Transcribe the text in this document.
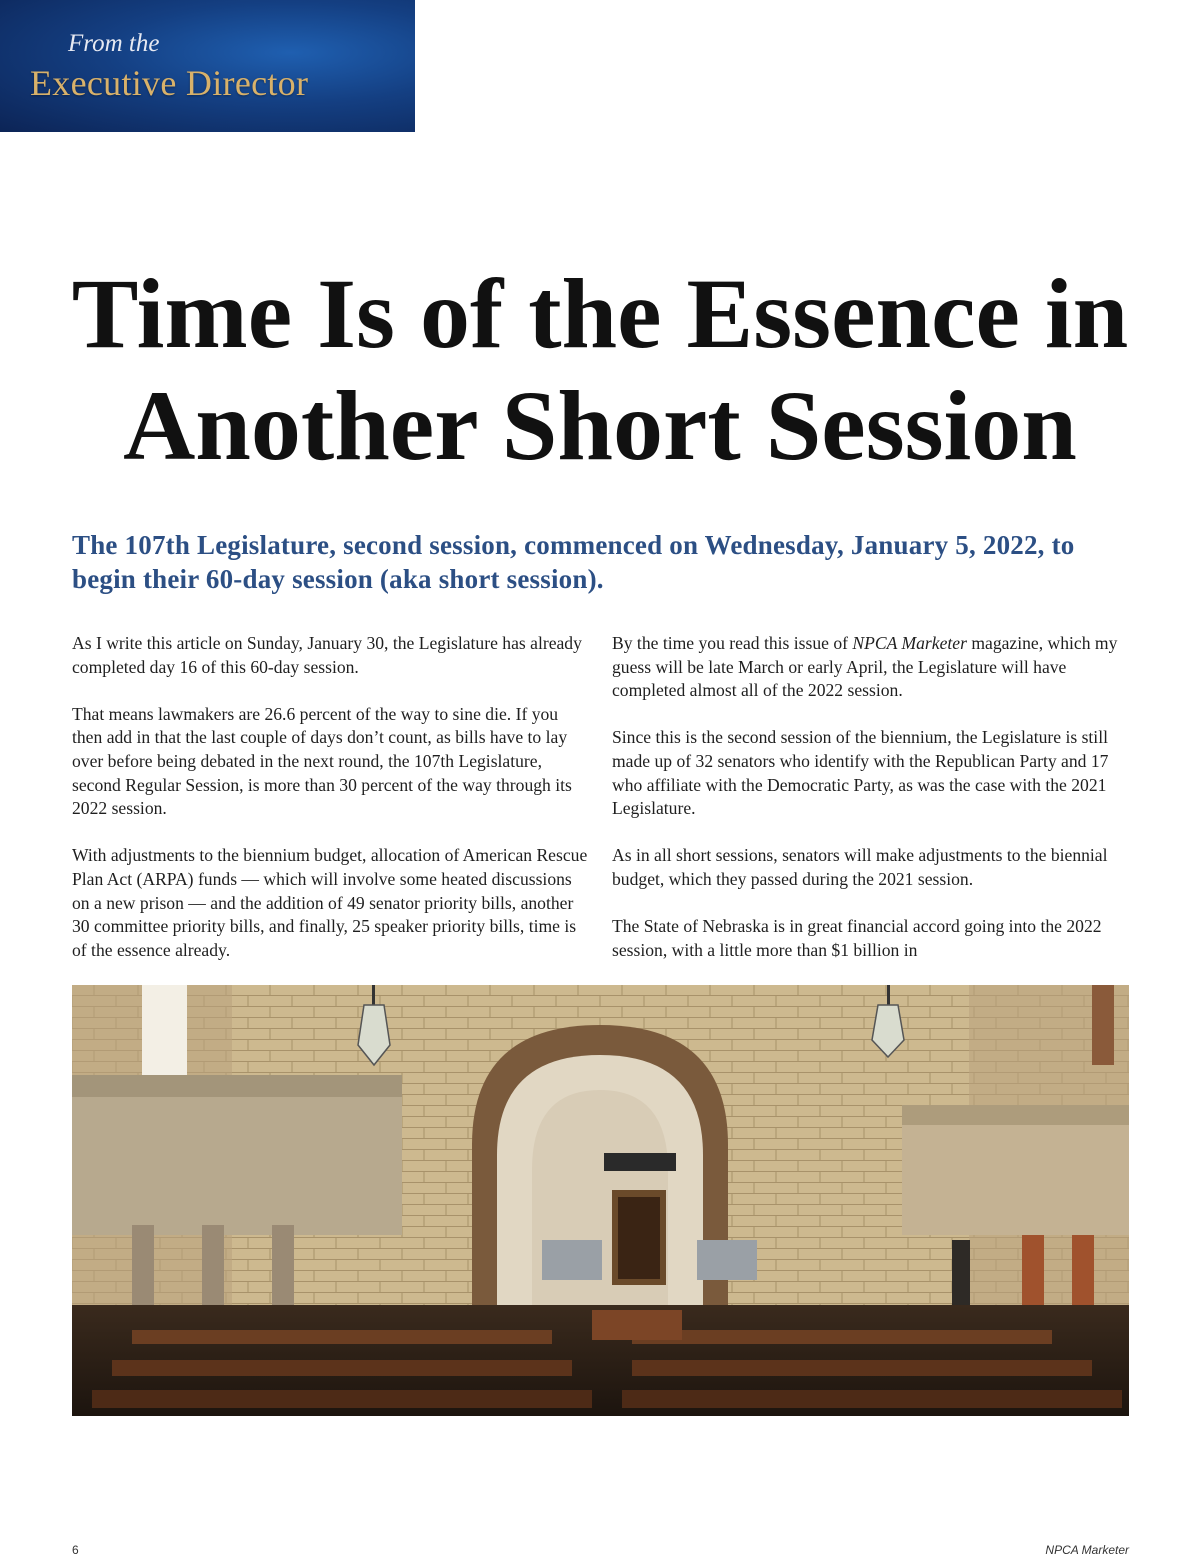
From the
Executive Director
Time Is of the Essence in Another Short Session
The 107th Legislature, second session, commenced on Wednesday, January 5, 2022, to begin their 60-day session (aka short session).

As I write this article on Sunday, January 30, the Legislature has already completed day 16 of this 60-day session.

That means lawmakers are 26.6 percent of the way to sine die. If you then add in that the last couple of days don’t count, as bills have to lay over before being debated in the next round, the 107th Legislature, second Regular Session, is more than 30 percent of the way through its 2022 session.

With adjustments to the biennium budget, allocation of American Rescue Plan Act (ARPA) funds — which will involve some heated discussions on a new prison — and the addition of 49 senator priority bills, another 30 committee priority bills, and finally, 25 speaker priority bills, time is of the essence already.

By the time you read this issue of NPCA Marketer magazine, which my guess will be late March or early April, the Legislature will have completed almost all of the 2022 session.

Since this is the second session of the biennium, the Legislature is still made up of 32 senators who identify with the Republican Party and 17 who affiliate with the Democratic Party, as was the case with the 2021 Legislature.

As in all short sessions, senators will make adjustments to the biennial budget, which they passed during the 2021 session.

The State of Nebraska is in great financial accord going into the 2022 session, with a little more than $1 billion in

6	NPCA Marketer
